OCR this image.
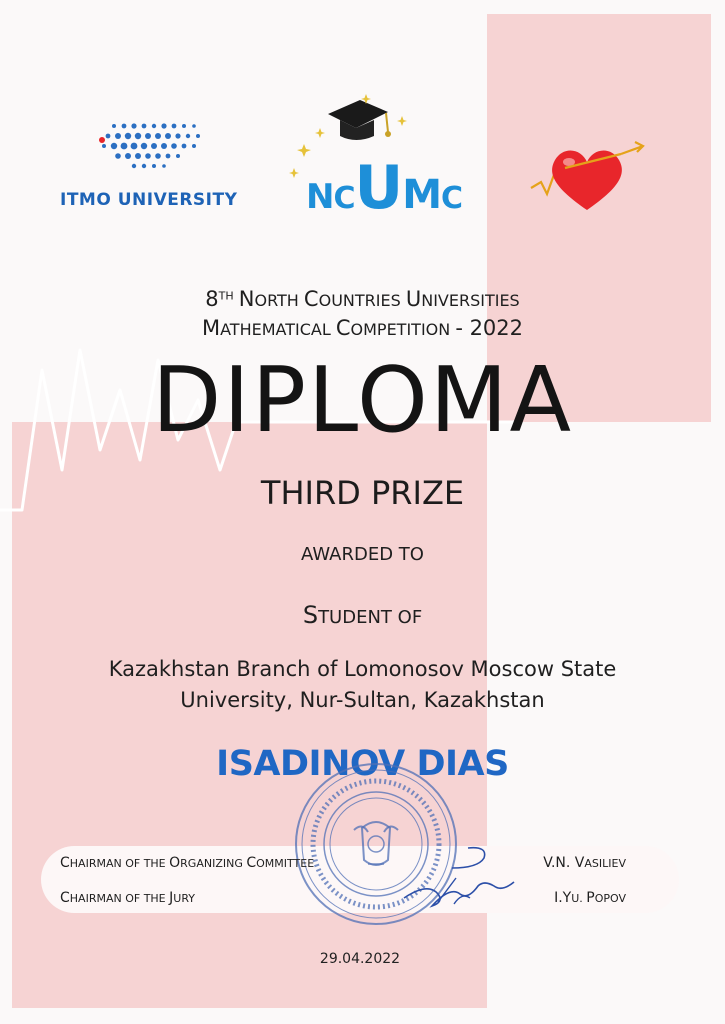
ITMO UNIVERSITY	NCUMC
8TH NORTH COUNTRIES UNIVERSITIES
MATHEMATICAL COMPETITION - 2022
DIPLOMA
THIRD PRIZE
AWARDED TO
STUDENT OF
Kazakhstan Branch of Lomonosov Moscow State
University, Nur-Sultan, Kazakhstan
ISADINOV DIAS
CHAIRMAN OF THE ORGANIZING COMMITTEE	V.N. VASILIEV
CHAIRMAN OF THE JURY	I.YU. POPOV
29.04.2022
